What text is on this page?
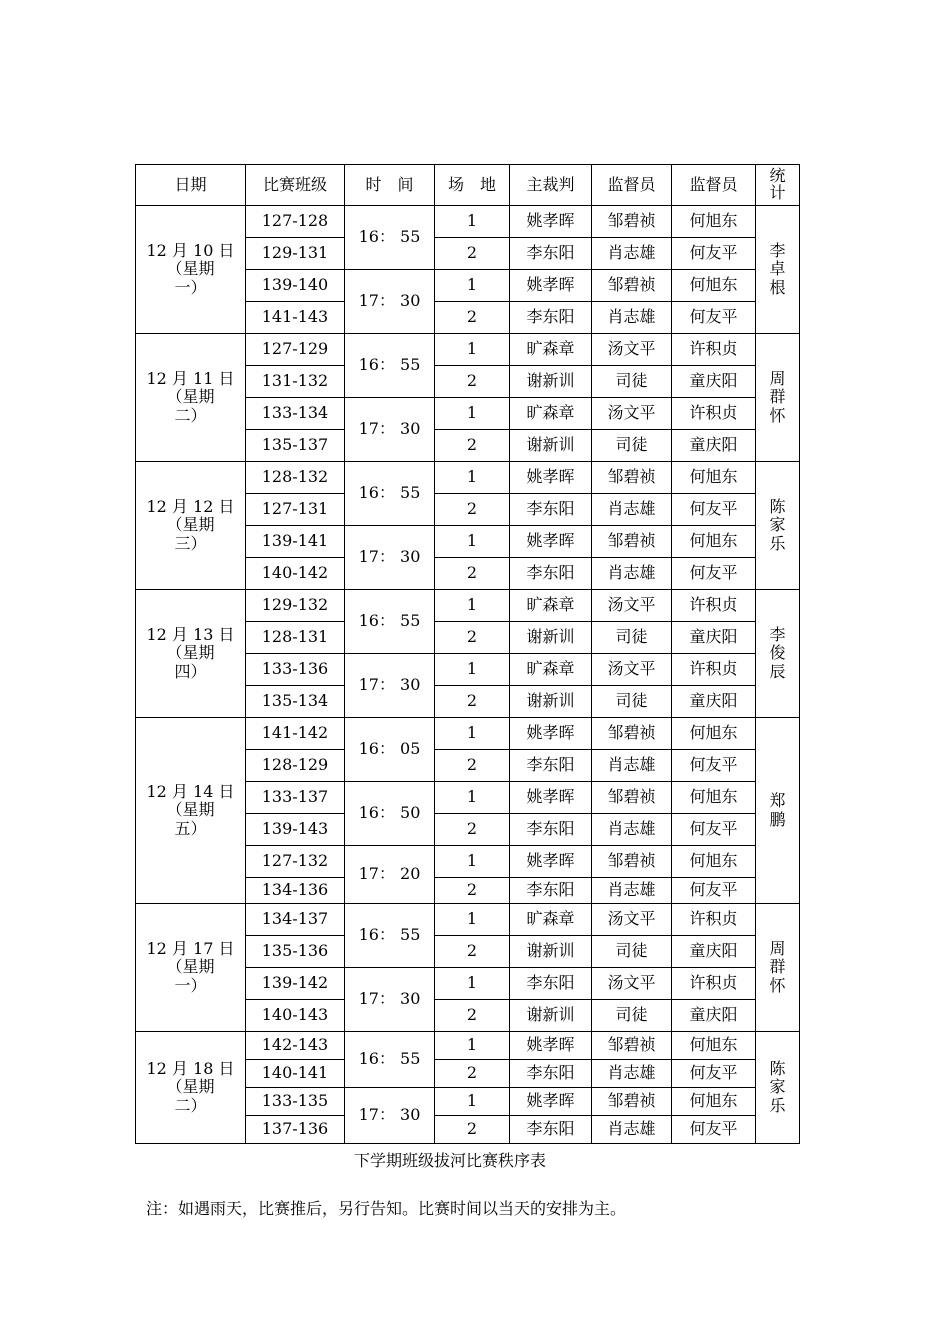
日期	比赛班级	时　间	场　地	主裁判	监督员	监督员	统计

12 月 10 日
（星期一）	127-128	16： 55	1	姚孝晖	邹碧祯	何旭东	李卓根
	129-131		2	李东阳	肖志雄	何友平	
	139-140	17： 30	1	姚孝晖	邹碧祯	何旭东	
	141-143		2	李东阳	肖志雄	何友平	

12 月 11 日
（星期二）	127-129	16： 55	1	旷森章	汤文平	许积贞	周群怀
	131-132		2	谢新训	司徒	童庆阳	
	133-134	17： 30	1	旷森章	汤文平	许积贞	
	135-137		2	谢新训	司徒	童庆阳	

12 月 12 日
（星期三）	128-132	16： 55	1	姚孝晖	邹碧祯	何旭东	陈家乐
	127-131		2	李东阳	肖志雄	何友平	
	139-141	17： 30	1	姚孝晖	邹碧祯	何旭东	
	140-142		2	李东阳	肖志雄	何友平	

12 月 13 日
（星期四）	129-132	16： 55	1	旷森章	汤文平	许积贞	李俊辰
	128-131		2	谢新训	司徒	童庆阳	
	133-136	17： 30	1	旷森章	汤文平	许积贞	
	135-134		2	谢新训	司徒	童庆阳	

12 月 14 日
（星期五）	141-142	16： 05	1	姚孝晖	邹碧祯	何旭东	郑鹏
	128-129		2	李东阳	肖志雄	何友平	
	133-137	16： 50	1	姚孝晖	邹碧祯	何旭东	
	139-143		2	李东阳	肖志雄	何友平	
	127-132	17： 20	1	姚孝晖	邹碧祯	何旭东	
	134-136		2	李东阳	肖志雄	何友平	

12 月 17 日
（星期一）	134-137	16： 55	1	旷森章	汤文平	许积贞	周群怀
	135-136		2	谢新训	司徒	童庆阳	
	139-142	17： 30	1	李东阳	汤文平	许积贞	
	140-143		2	谢新训	司徒	童庆阳	

12 月 18 日
（星期二）	142-143	16： 55	1	姚孝晖	邹碧祯	何旭东	陈家乐
	140-141		2	李东阳	肖志雄	何友平	
	133-135	17： 30	1	姚孝晖	邹碧祯	何旭东	
	137-136		2	李东阳	肖志雄	何友平	
下学期班级拔河比赛秩序表
注：如遇雨天，比赛推后，另行告知。比赛时间以当天的安排为主。
